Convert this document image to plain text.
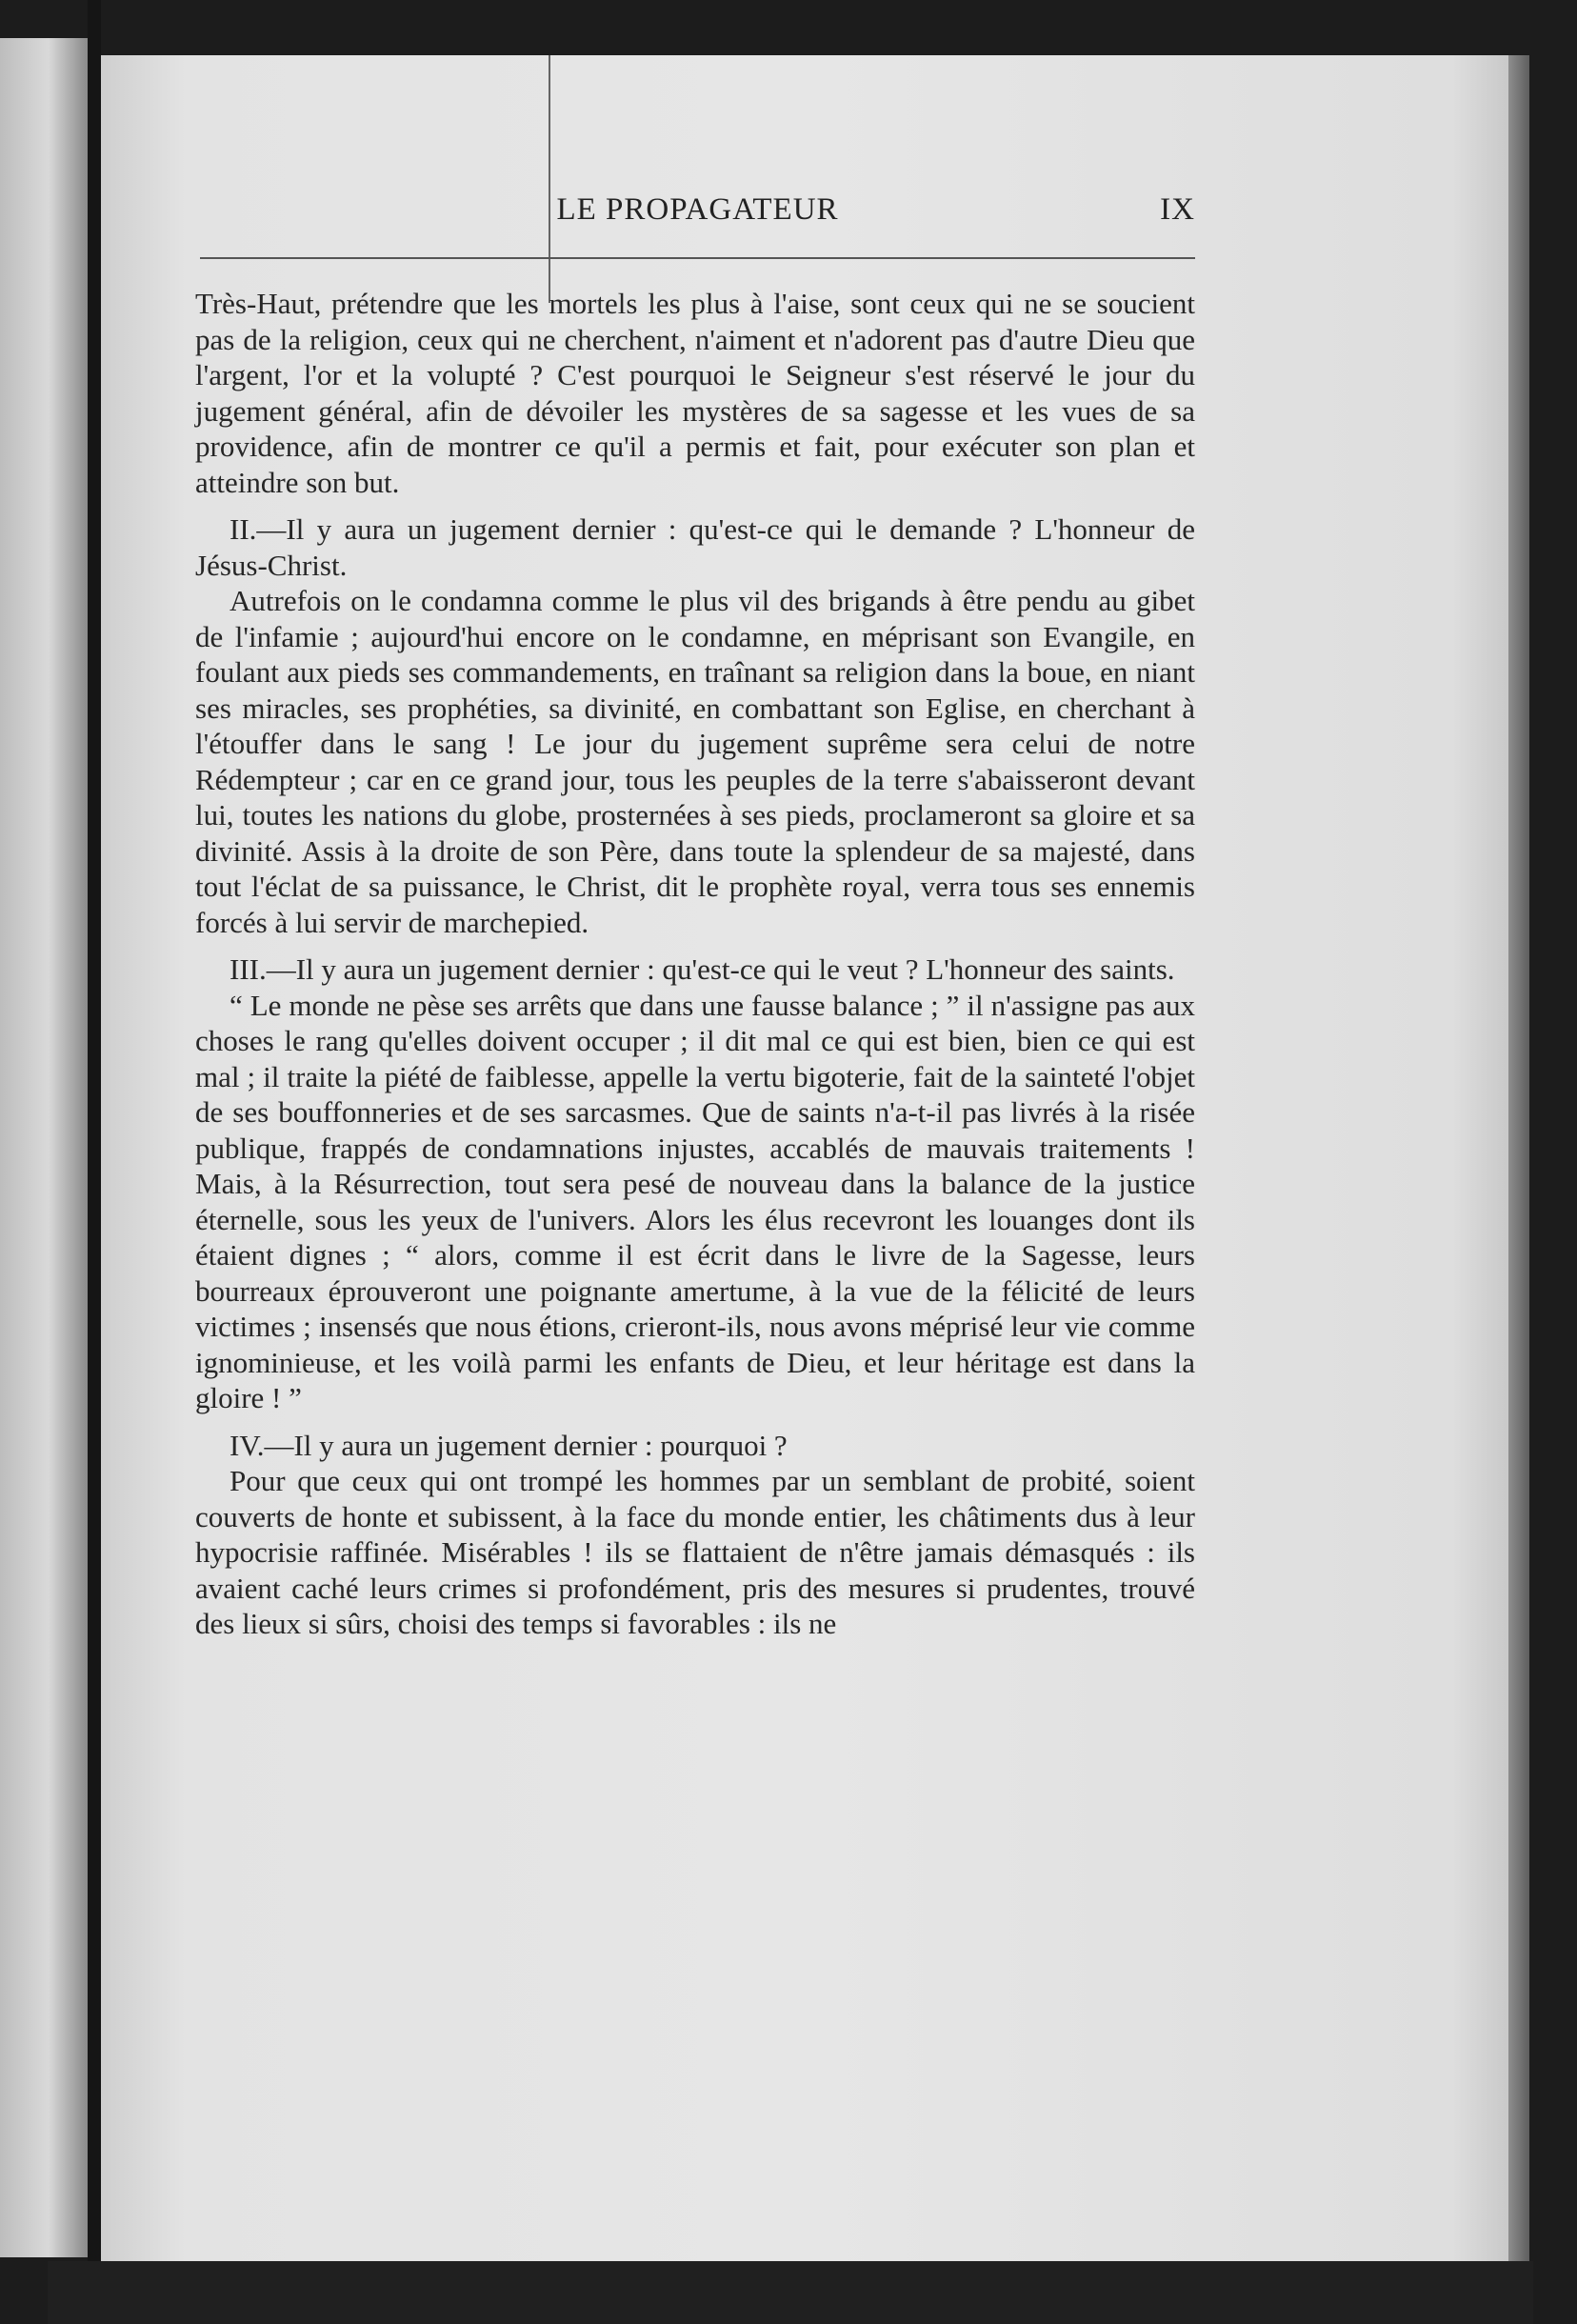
LE PROPAGATEUR	IX

Très-Haut, prétendre que les mortels les plus à l'aise, sont ceux qui ne se soucient pas de la religion, ceux qui ne cherchent, n'aiment et n'adorent pas d'autre Dieu que l'argent, l'or et la volupté ? C'est pourquoi le Seigneur s'est réservé le jour du jugement général, afin de dévoiler les mystères de sa sagesse et les vues de sa providence, afin de montrer ce qu'il a permis et fait, pour exécuter son plan et atteindre son but.

II.—Il y aura un jugement dernier : qu'est-ce qui le demande ? L'honneur de Jésus-Christ.

Autrefois on le condamna comme le plus vil des brigands à être pendu au gibet de l'infamie ; aujourd'hui encore on le condamne, en méprisant son Evangile, en foulant aux pieds ses commandements, en traînant sa religion dans la boue, en niant ses miracles, ses prophéties, sa divinité, en combattant son Eglise, en cherchant à l'étouffer dans le sang ! Le jour du jugement suprême sera celui de notre Rédempteur ; car en ce grand jour, tous les peuples de la terre s'abaisseront devant lui, toutes les nations du globe, prosternées à ses pieds, proclameront sa gloire et sa divinité. Assis à la droite de son Père, dans toute la splendeur de sa majesté, dans tout l'éclat de sa puissance, le Christ, dit le prophète royal, verra tous ses ennemis forcés à lui servir de marchepied.

III.—Il y aura un jugement dernier : qu'est-ce qui le veut ? L'honneur des saints.

“ Le monde ne pèse ses arrêts que dans une fausse balance ; ” il n'assigne pas aux choses le rang qu'elles doivent occuper ; il dit mal ce qui est bien, bien ce qui est mal ; il traite la piété de faiblesse, appelle la vertu bigoterie, fait de la sainteté l'objet de ses bouffonneries et de ses sarcasmes. Que de saints n'a-t-il pas livrés à la risée publique, frappés de condamnations injustes, accablés de mauvais traitements ! Mais, à la Résurrection, tout sera pesé de nouveau dans la balance de la justice éternelle, sous les yeux de l'univers. Alors les élus recevront les louanges dont ils étaient dignes ; “ alors, comme il est écrit dans le livre de la Sagesse, leurs bourreaux éprouveront une poignante amertume, à la vue de la félicité de leurs victimes ; insensés que nous étions, crieront-ils, nous avons méprisé leur vie comme ignominieuse, et les voilà parmi les enfants de Dieu, et leur héritage est dans la gloire ! ”

IV.—Il y aura un jugement dernier : pourquoi ?

Pour que ceux qui ont trompé les hommes par un semblant de probité, soient couverts de honte et subissent, à la face du monde entier, les châtiments dus à leur hypocrisie raffinée. Misérables ! ils se flattaient de n'être jamais démasqués : ils avaient caché leurs crimes si profondément, pris des mesures si prudentes, trouvé des lieux si sûrs, choisi des temps si favorables : ils ne
